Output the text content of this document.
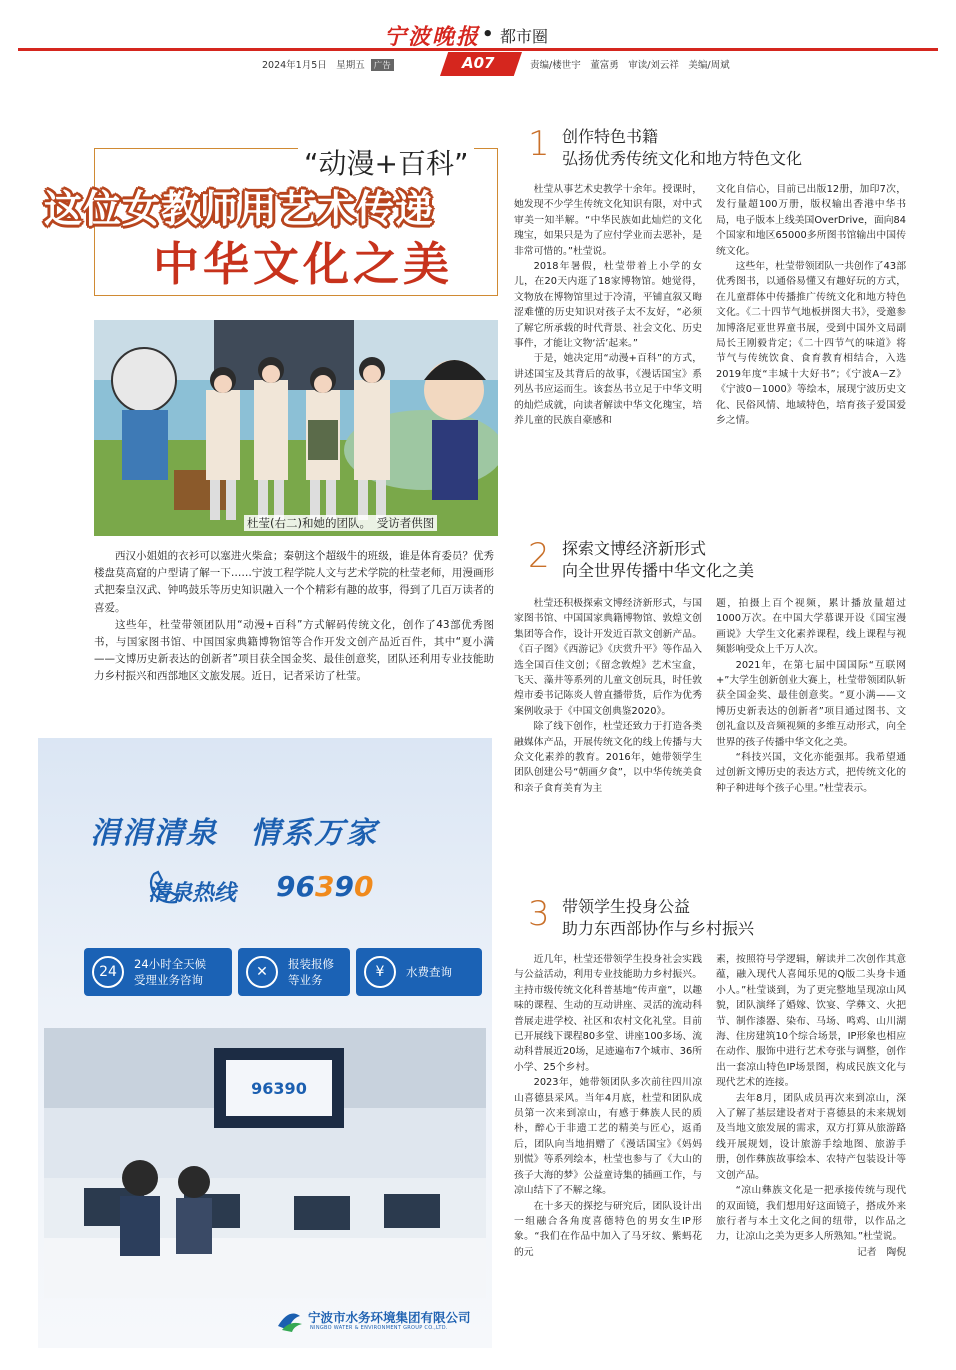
宁波晚报 • 都市圈
2024年1月5日　 星期五 广告	A07	责编/楼世宇　董富勇　审读/刘云祥　美编/周斌
“动漫+百科”
这位女教师用艺术传递
中华文化之美
杜莹(右二)和她的团队。　受访者供图

西汉小姐姐的衣衫可以塞进火柴盒；秦朝这个超级牛的班级，谁是体育委员？优秀楼盘莫高窟的户型请了解一下……宁波工程学院人文与艺术学院的杜莹老师，用漫画形式把秦皇汉武、钟鸣鼓乐等历史知识融入一个个精彩有趣的故事，得到了几百万读者的喜爱。

这些年，杜莹带领团队用“动漫+百科”方式解码传统文化，创作了43部优秀图书，与国家图书馆、中国国家典籍博物馆等合作开发文创产品近百件，其中“夏小满——文博历史新表达的创新者”项目获全国金奖、最佳创意奖，团队还利用专业技能助力乡村振兴和西部地区文旅发展。近日，记者采访了杜莹。

1 创作特色书籍
弘扬优秀传统文化和地方特色文化

杜莹从事艺术史教学十余年。授课时，她发现不少学生传统文化知识有限，对中式审美一知半解。“中华民族如此灿烂的文化瑰宝，如果只是为了应付学业而去恶补，是非常可惜的。”杜莹说。

2018年暑假，杜莹带着上小学的女儿，在20天内逛了18家博物馆。她觉得，文物放在博物馆里过于冷清，平铺直叙又晦涩难懂的历史知识对孩子太不友好，“必须了解它所承载的时代背景、社会文化、历史事件，才能让文物‘活’起来。”

于是，她决定用“动漫+百科”的方式，讲述国宝及其背后的故事，《漫话国宝》系列丛书应运而生。该套丛书立足于中华文明的灿烂成就，向读者解读中华文化瑰宝，培养儿童的民族自豪感和

文化自信心，目前已出版12册，加印7次，发行量超100万册，版权输出香港中华书局，电子版本上线美国OverDrive，面向84个国家和地区65000多所图书馆输出中国传统文化。

这些年，杜莹带领团队一共创作了43部优秀图书，以通俗易懂又有趣好玩的方式，在儿童群体中传播推广传统文化和地方特色文化。《二十四节气地板拼图大书》，受邀参加博洛尼亚世界童书展，受到中国外文局副局长王刚毅肯定；《二十四节气的味道》将节气与传统饮食、食育教育相结合，入选2019年度“丰城十大好书”；《宁波A－Z》《宁波0－1000》等绘本，展现宁波历史文化、民俗风情、地域特色，培育孩子爱国爱乡之情。

2 探索文博经济新形式
向全世界传播中华文化之美

杜莹还积极探索文博经济新形式，与国家图书馆、中国国家典籍博物馆、敦煌文创集团等合作，设计开发近百款文创新产品。《百子图》《西游记》《庆赏升平》等作品入选全国百佳文创；《留念敦煌》艺术宝盒，飞天、藻井等系列的儿童文创玩具，时任敦煌市委书记陈炎人曾直播带货，后作为优秀案例收录于《中国文创典鉴2020》。

除了线下创作，杜莹还致力于打造各类融媒体产品，开展传统文化的线上传播与大众文化素养的教育。2016年，她带领学生团队创建公号“朝画夕食”，以中华传统美食和亲子食育美育为主

题，拍摄上百个视频，累计播放量超过1000万次。在中国大学慕课开设《国宝漫画说》大学生文化素养课程，线上课程与视频影响受众上千万人次。

2021年，在第七届中国国际“互联网+”大学生创新创业大赛上，杜莹带领团队斩获全国金奖、最佳创意奖。“夏小满——文博历史新表达的创新者”项目通过图书、文创礼盒以及音频视频的多维互动形式，向全世界的孩子传播中华文化之美。

“科技兴国，文化亦能强邦。我希望通过创新文博历史的表达方式，把传统文化的种子种进每个孩子心里。”杜莹表示。

3 带领学生投身公益
助力东西部协作与乡村振兴

近几年，杜莹还带领学生投身社会实践与公益活动，利用专业技能助力乡村振兴。主持市级传统文化科普基地“传声童”，以趣味的课程、生动的互动讲座、灵活的流动科普展走进学校、社区和农村文化礼堂。目前已开展线下课程80多堂、讲座100多场、流动科普展近20场，足迹遍布7个城市、36所小学、25个乡村。

2023年，她带领团队多次前往四川凉山喜德县采风。当年4月底，杜莹和团队成员第一次来到凉山，有感于彝族人民的质朴，醉心于非遗工艺的精美与匠心，返甬后，团队向当地捐赠了《漫话国宝》《妈妈别慌》等系列绘本，杜莹也参与了《大山的孩子大海的梦》公益童诗集的插画工作，与凉山结下了不解之缘。

在十多天的探挖与研究后，团队设计出一组融合各角度喜德特色的男女生IP形象。“我们在作品中加入了马牙纹、紫蚂花的元

素，按照符号学逻辑，解读并二次创作其意蕴，融入现代人喜闻乐见的Q版二头身卡通小人。”杜莹谈到，为了更完整地呈现凉山风貌，团队演绎了婚嫁、饮宴、学彝文、火把节、制作漆器、染布、马场、鸣鸡、山川湖海、住房建筑10个综合场景，IP形象也相应在动作、服饰中进行艺术夸张与调整，创作出一套凉山特色IP场景图，构成民族文化与现代艺术的连接。

去年8月，团队成员再次来到凉山，深入了解了基层建设者对于喜德县的未来规划及当地文旅发展的需求，双方打算从旅游路线开展规划，设计旅游手绘地图、旅游手册，创作彝族故事绘本、农特产包装设计等文创产品。

“凉山彝族文化是一把承接传统与现代的双面镜，我们想用好这面镜子，搭成外来旅行者与本土文化之间的纽带，以作品之力，让凉山之美为更多人所熟知。”杜莹说。

记者　陶倪

涓涓清泉　情系万家
清泉热线 96390
24	24小时全天候
受理业务咨询	✕	报装报修
等业务	¥	水费查询
96390
宁波市水务环境集团有限公司
NINGBO WATER & ENVIRONMENT GROUP CO.,LTD.
